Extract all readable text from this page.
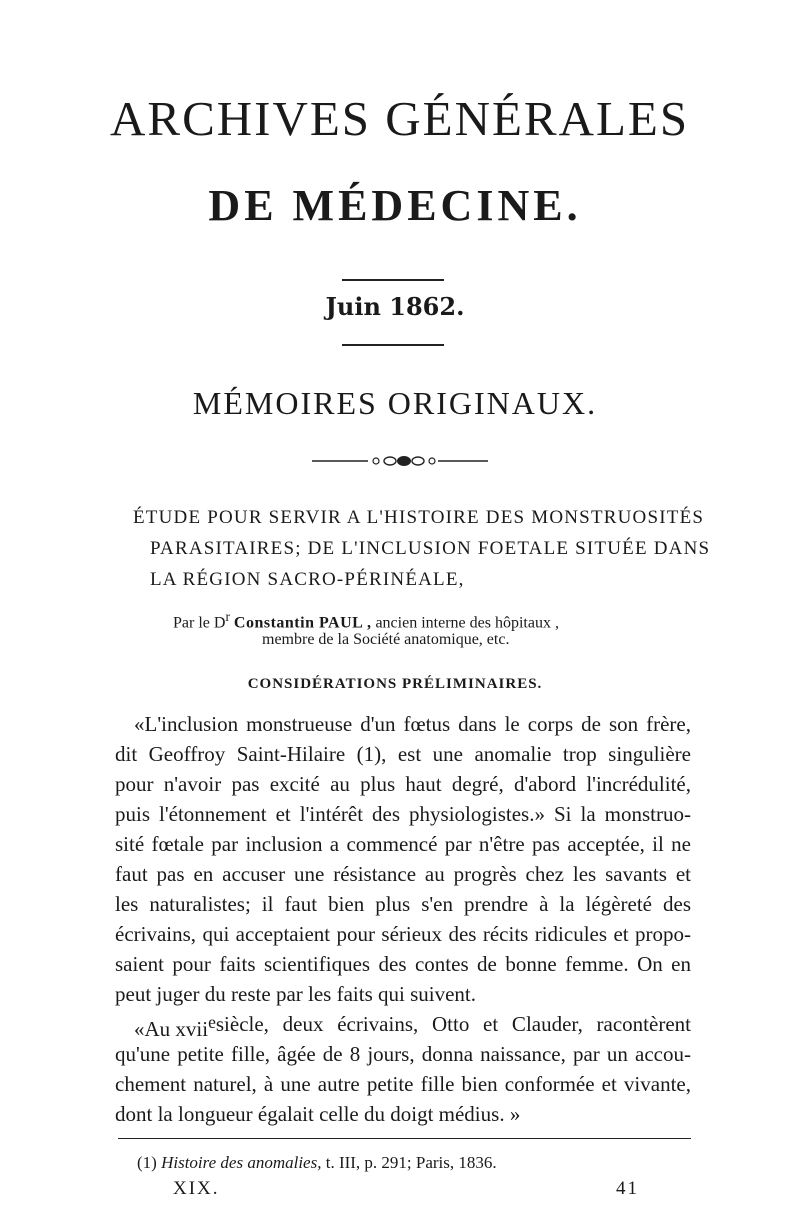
ARCHIVES GÉNÉRALES
DE MÉDECINE.
Juin 1862.
MÉMOIRES ORIGINAUX.
ÉTUDE POUR SERVIR A L'HISTOIRE DES MONSTRUOSITÉS
PARASITAIRES; DE L'INCLUSION FOETALE SITUÉE DANS
LA RÉGION SACRO-PÉRINÉALE,
Par le $D^r$ Constantin PAUL , ancien interne des hôpitaux ,
membre de la Société anatomique, etc.
CONSIDÉRATIONS PRÉLIMINAIRES.
«L'inclusion monstrueuse d'un fœtus dans le corps de son frère,
dit Geoffroy Saint-Hilaire (1), est une anomalie trop singulière
pour n'avoir pas excité au plus haut degré, d'abord l'incrédulité,
puis l'étonnement et l'intérêt des physiologistes.» Si la monstruo-
sité fœtale par inclusion a commencé par n'être pas acceptée, il ne
faut pas en accuser une résistance au progrès chez les savants et
les naturalistes; il faut bien plus s'en prendre à la légèreté des
écrivains, qui acceptaient pour sérieux des récits ridicules et propo-
saient pour faits scientifiques des contes de bonne femme. On en
peut juger du reste par les faits qui suivent.
«Au xvii$^e$ siècle, deux écrivains, Otto et Clauder, racontèrent
qu'une petite fille, âgée de 8 jours, donna naissance, par un accou-
chement naturel, à une autre petite fille bien conformée et vivante,
dont la longueur égalait celle du doigt médius. »
(1) Histoire des anomalies, t. III, p. 291; Paris, 1836.
XIX.	41
